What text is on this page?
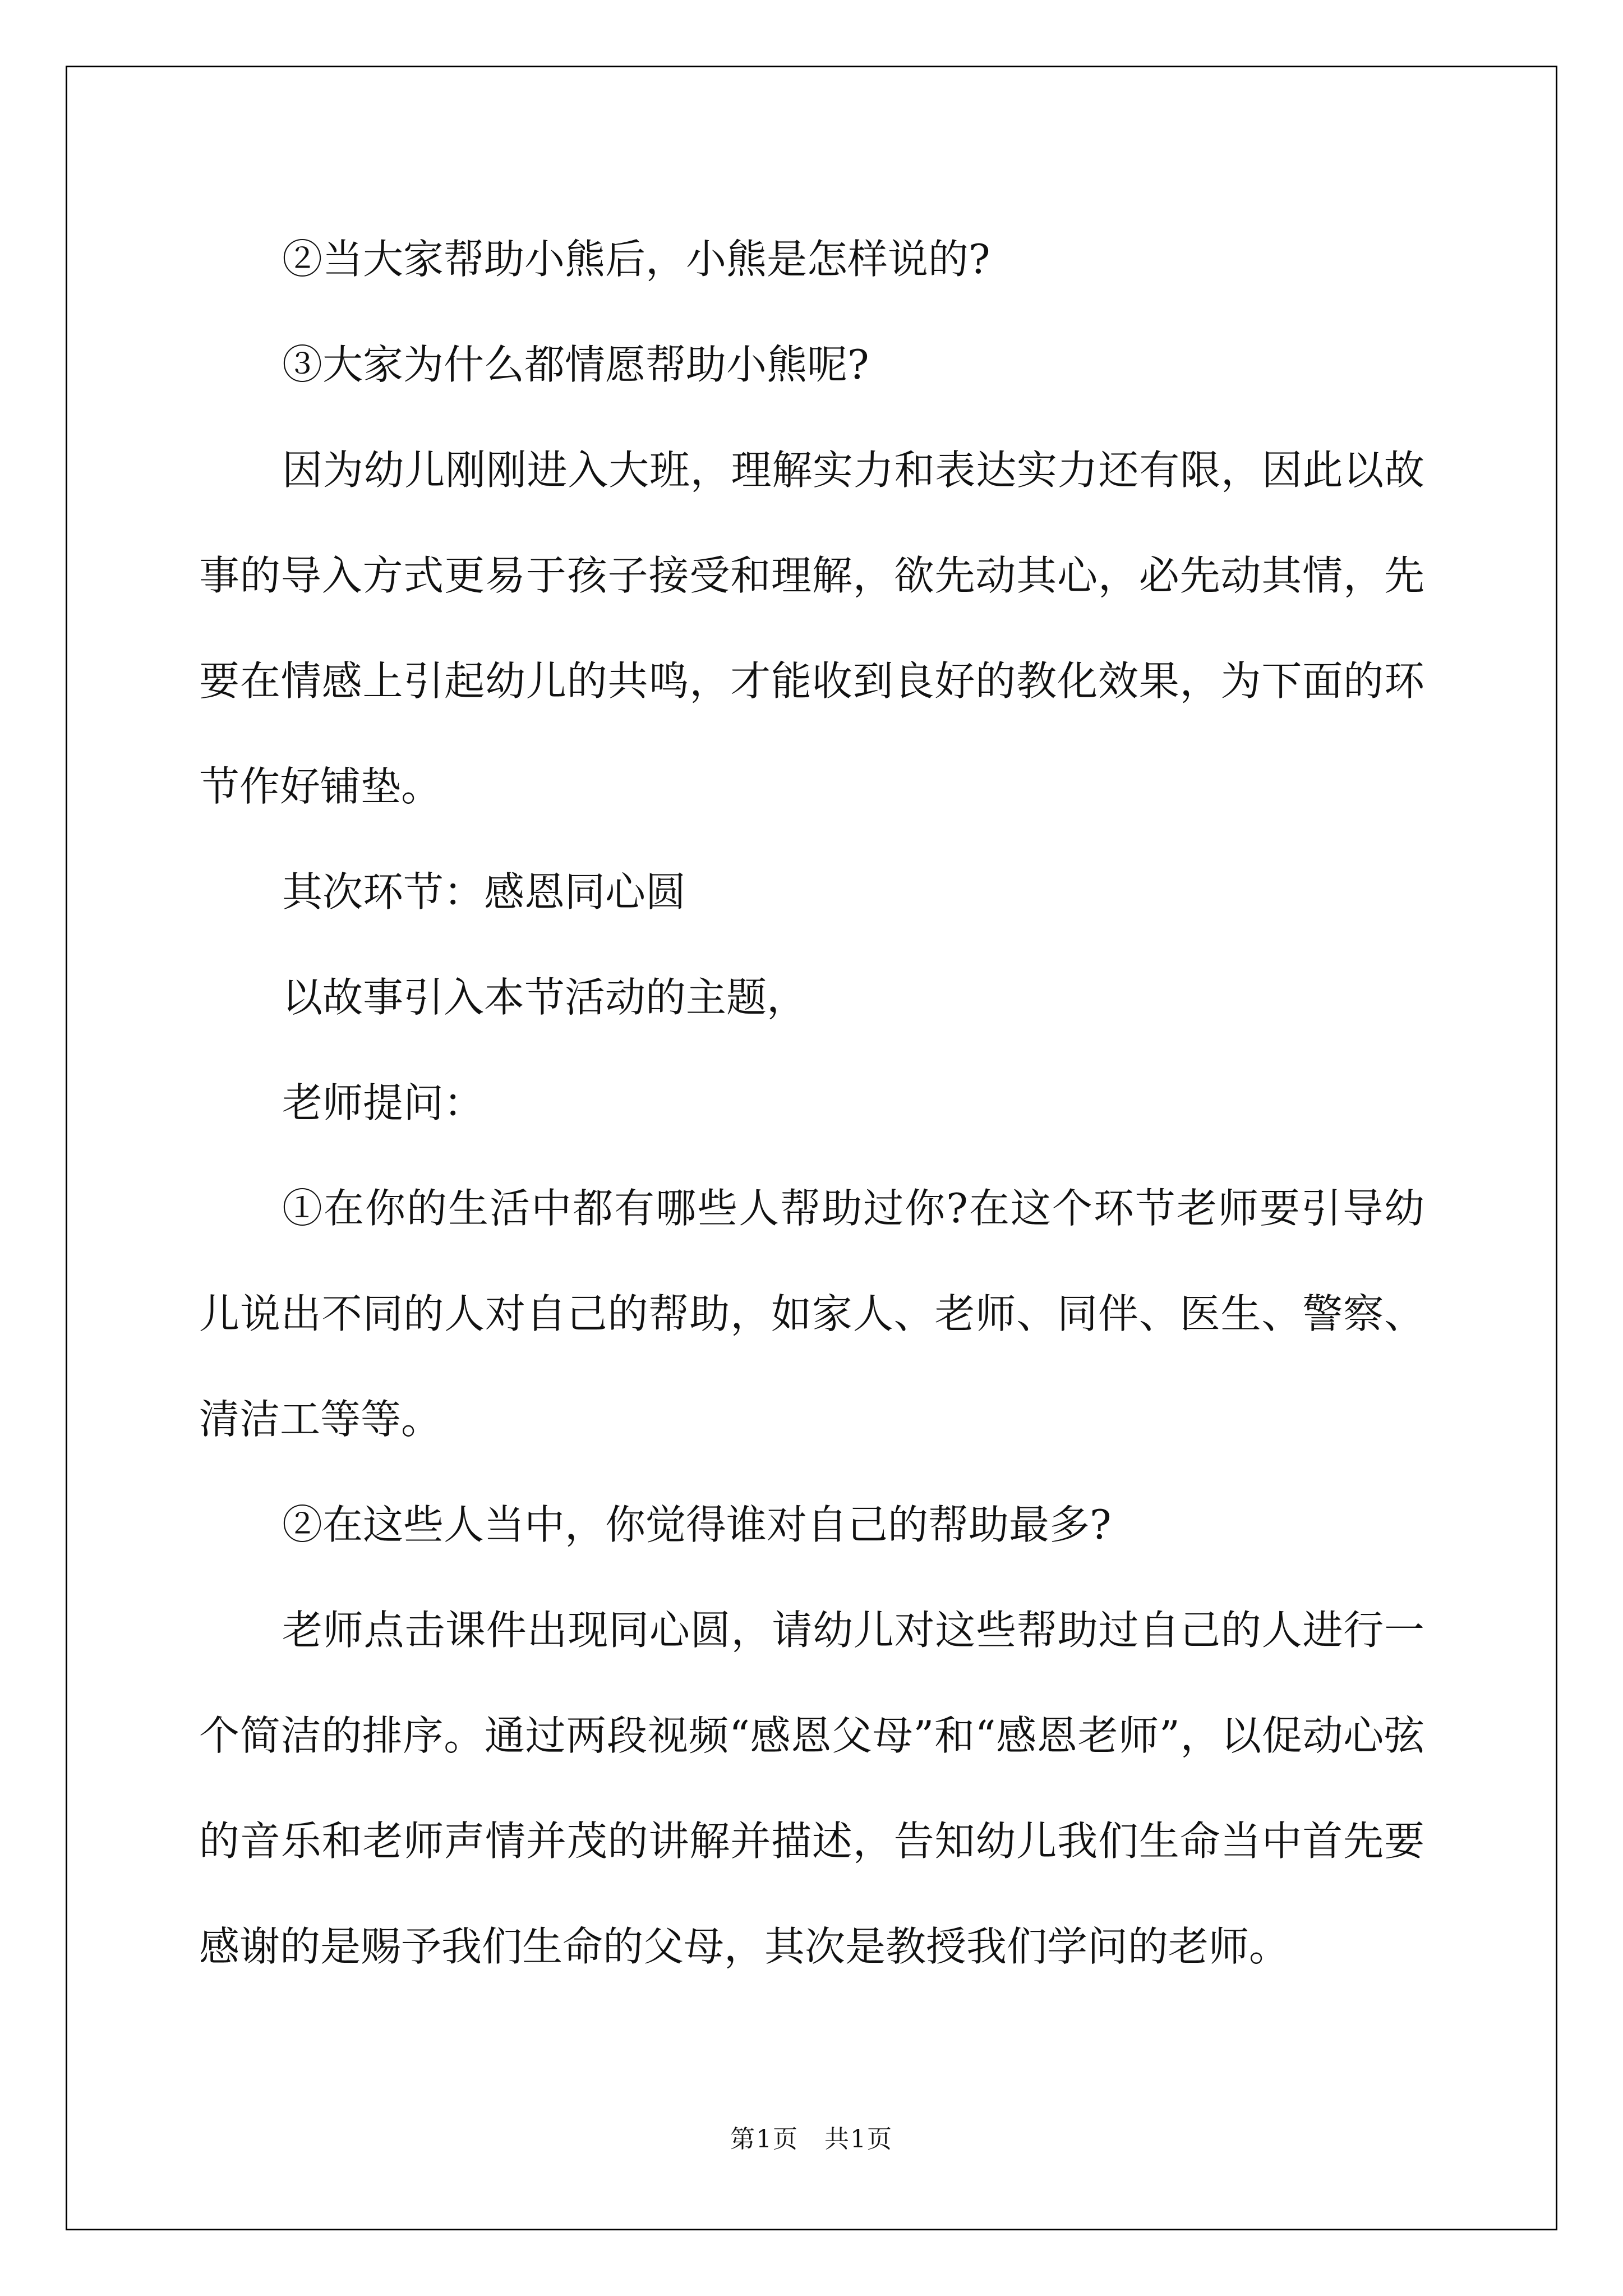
②当大家帮助小熊后，小熊是怎样说的?

③大家为什么都情愿帮助小熊呢?

因为幼儿刚刚进入大班，理解实力和表达实力还有限，因此以故事的导入方式更易于孩子接受和理解，欲先动其心，必先动其情，先要在情感上引起幼儿的共鸣，才能收到良好的教化效果，为下面的环节作好铺垫。

其次环节：感恩同心圆

以故事引入本节活动的主题，

老师提问：

①在你的生活中都有哪些人帮助过你?在这个环节老师要引导幼儿说出不同的人对自己的帮助，如家人、老师、同伴、医生、警察、清洁工等等。

②在这些人当中，你觉得谁对自己的帮助最多?

老师点击课件出现同心圆，请幼儿对这些帮助过自己的人进行一个简洁的排序。通过两段视频“感恩父母”和“感恩老师”，以促动心弦的音乐和老师声情并茂的讲解并描述，告知幼儿我们生命当中首先要感谢的是赐予我们生命的父母，其次是教授我们学问的老师。

第1页　共1页
